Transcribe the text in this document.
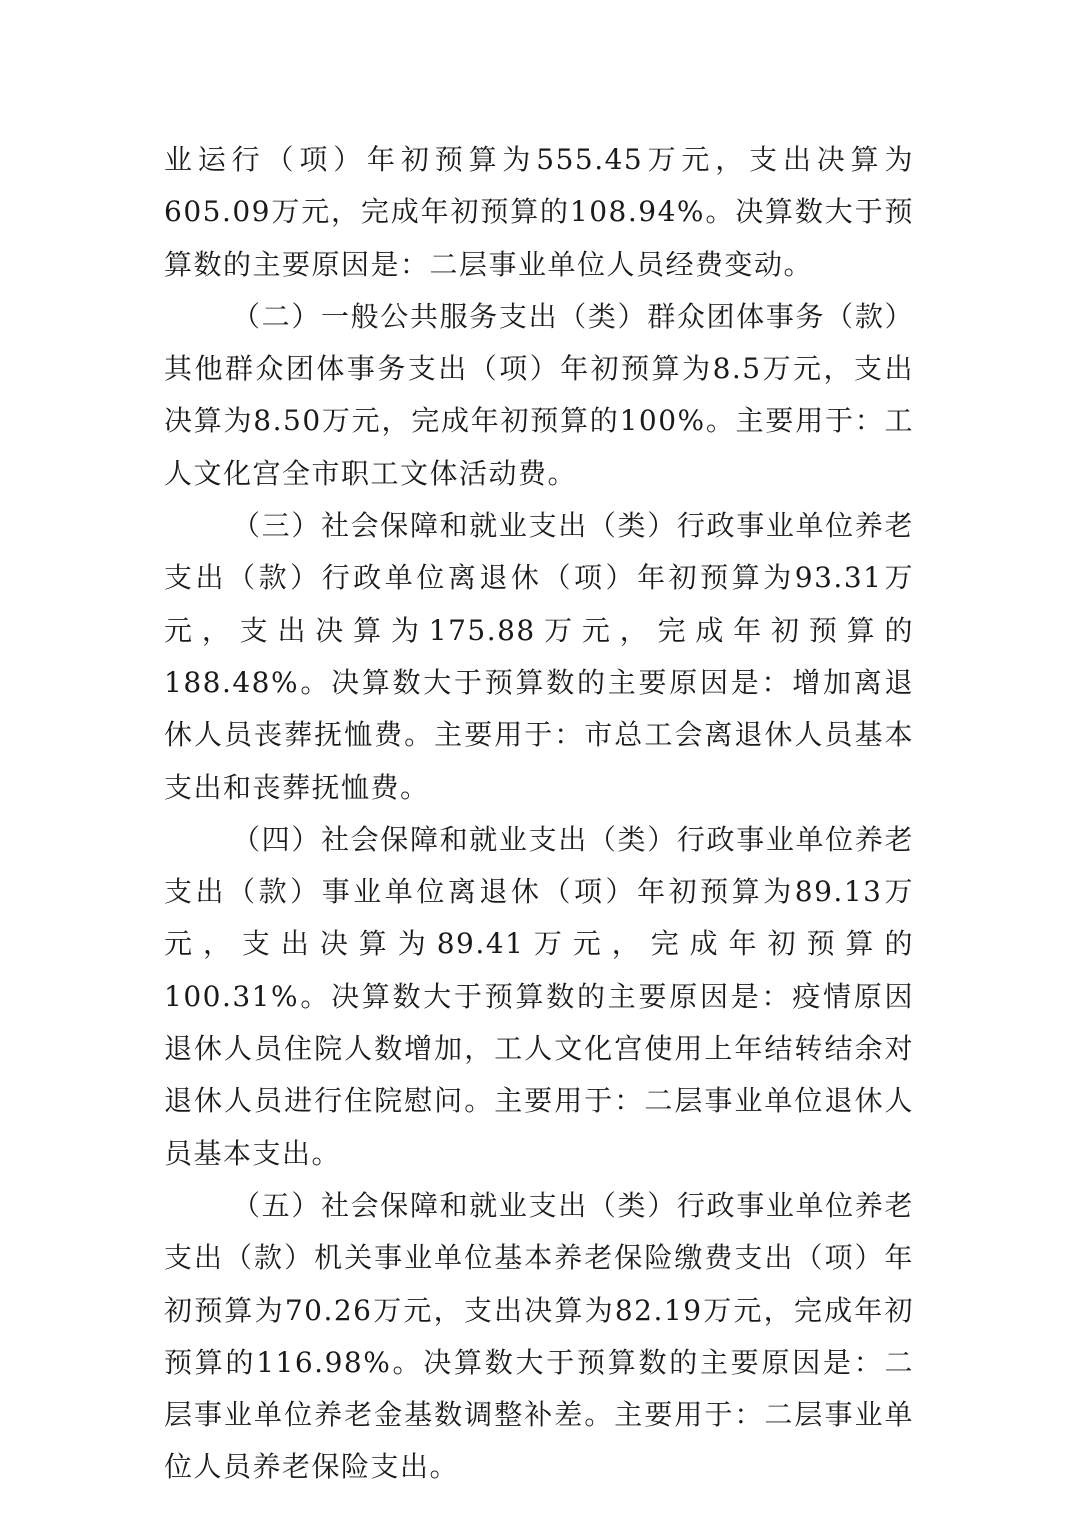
业运行（项）年初预算为555.45万元，支出决算为605.09万元，完成年初预算的108.94%。决算数大于预算数的主要原因是：二层事业单位人员经费变动。

（二）一般公共服务支出（类）群众团体事务（款）其他群众团体事务支出（项）年初预算为8.5万元，支出决算为8.50万元，完成年初预算的100%。主要用于：工人文化宫全市职工文体活动费。

（三）社会保障和就业支出（类）行政事业单位养老支出（款）行政单位离退休（项）年初预算为93.31万元，支出决算为175.88万元，完成年初预算的188.48%。决算数大于预算数的主要原因是：增加离退休人员丧葬抚恤费。主要用于：市总工会离退休人员基本支出和丧葬抚恤费。

（四）社会保障和就业支出（类）行政事业单位养老支出（款）事业单位离退休（项）年初预算为89.13万元，支出决算为89.41万元，完成年初预算的100.31%。决算数大于预算数的主要原因是：疫情原因退休人员住院人数增加，工人文化宫使用上年结转结余对退休人员进行住院慰问。主要用于：二层事业单位退休人员基本支出。

（五）社会保障和就业支出（类）行政事业单位养老支出（款）机关事业单位基本养老保险缴费支出（项）年初预算为70.26万元，支出决算为82.19万元，完成年初预算的116.98%。决算数大于预算数的主要原因是：二层事业单位养老金基数调整补差。主要用于：二层事业单位人员养老保险支出。
